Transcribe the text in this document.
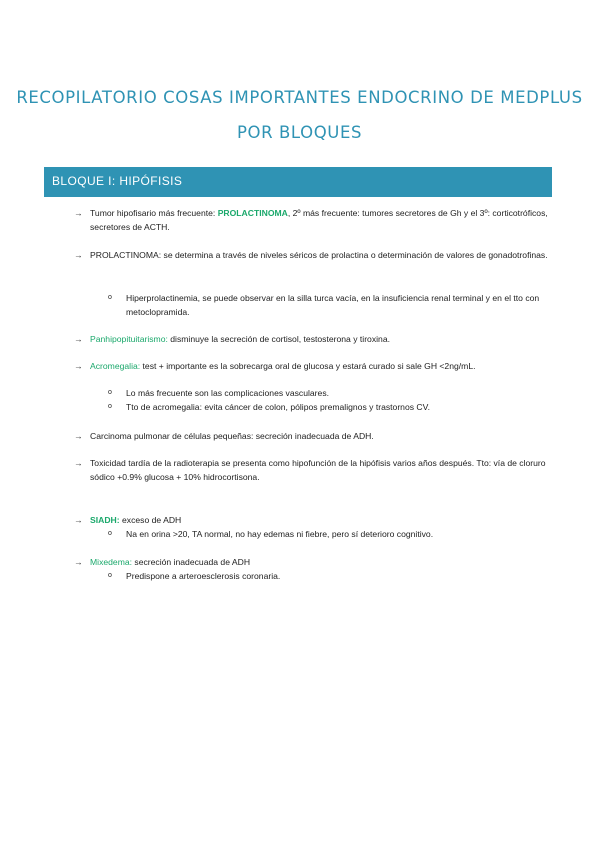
RECOPILATORIO COSAS IMPORTANTES ENDOCRINO DE MEDPLUS
POR BLOQUES
BLOQUE I: HIPÓFISIS
→ Tumor hipofisario más frecuente: PROLACTINOMA, 2º más frecuente: tumores secretores de Gh y el 3º: corticotróficos, secretores de ACTH.
→ PROLACTINOMA: se determina a través de niveles séricos de prolactina o determinación de valores de gonadotrofinas.
o Hiperprolactinemia, se puede observar en la silla turca vacía, en la insuficiencia renal terminal y en el tto con metoclopramida.
→ Panhipopituitarismo: disminuye la secreción de cortisol, testosterona y tiroxina.
→ Acromegalia: test + importante es la sobrecarga oral de glucosa y estará curado si sale GH <2ng/mL.
o Lo más frecuente son las complicaciones vasculares.
o Tto de acromegalia: evita cáncer de colon, pólipos premalignos y trastornos CV.
→ Carcinoma pulmonar de células pequeñas: secreción inadecuada de ADH.
→ Toxicidad tardía de la radioterapia se presenta como hipofunción de la hipófisis varios años después. Tto: vía de cloruro sódico +0.9% glucosa + 10% hidrocortisona.
→ SIADH: exceso de ADH
o Na en orina >20, TA normal, no hay edemas ni fiebre, pero sí deterioro cognitivo.
→ Mixedema: secreción inadecuada de ADH
o Predispone a arteroesclerosis coronaria.
